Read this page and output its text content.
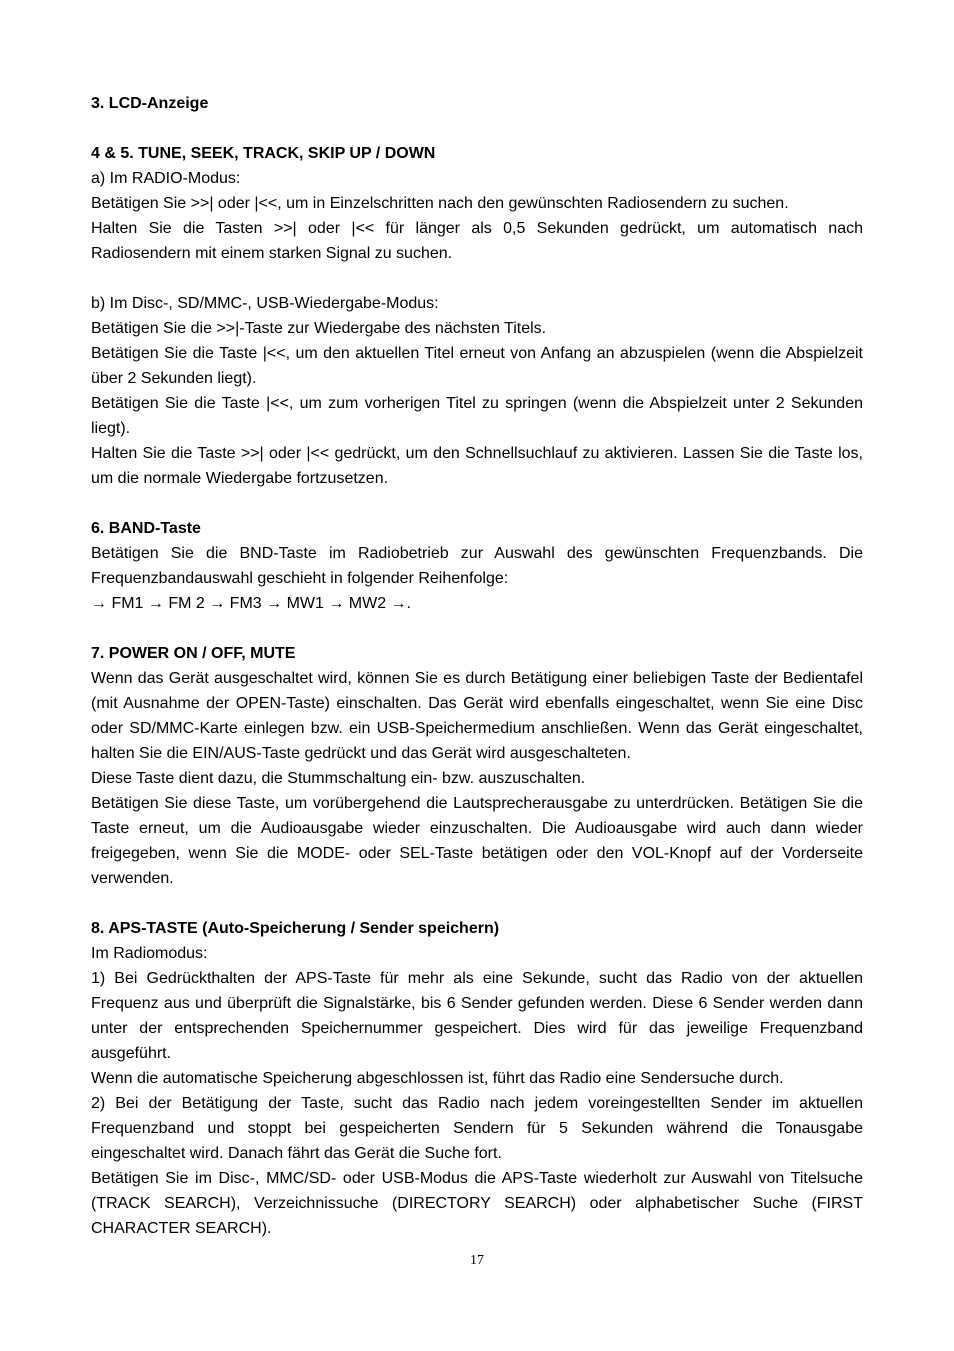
3. LCD-Anzeige

4 & 5. TUNE, SEEK, TRACK, SKIP UP / DOWN

a) Im RADIO-Modus:

Betätigen Sie >>| oder |<<, um in Einzelschritten nach den gewünschten Radiosendern zu suchen.

Halten Sie die Tasten >>| oder |<< für länger als 0,5 Sekunden gedrückt, um automatisch nach Radiosendern mit einem starken Signal zu suchen.

b) Im Disc-, SD/MMC-, USB-Wiedergabe-Modus:

Betätigen Sie die >>|-Taste zur Wiedergabe des nächsten Titels.

Betätigen Sie die Taste |<<, um den aktuellen Titel erneut von Anfang an abzuspielen (wenn die Abspielzeit über 2 Sekunden liegt).

Betätigen Sie die Taste |<<, um zum vorherigen Titel zu springen (wenn die Abspielzeit unter 2 Sekunden liegt).

Halten Sie die Taste >>| oder |<< gedrückt, um den Schnellsuchlauf zu aktivieren. Lassen Sie die Taste los, um die normale Wiedergabe fortzusetzen.

6. BAND-Taste

Betätigen Sie die BND-Taste im Radiobetrieb zur Auswahl des gewünschten Frequenzbands. Die Frequenzbandauswahl geschieht in folgender Reihenfolge:

→ FM1 → FM 2 → FM3 → MW1 → MW2 →.

7. POWER ON / OFF, MUTE

Wenn das Gerät ausgeschaltet wird, können Sie es durch Betätigung einer beliebigen Taste der Bedientafel (mit Ausnahme der OPEN-Taste) einschalten. Das Gerät wird ebenfalls eingeschaltet, wenn Sie eine Disc oder SD/MMC-Karte einlegen bzw. ein USB-Speichermedium anschließen. Wenn das Gerät eingeschaltet, halten Sie die EIN/AUS-Taste gedrückt und das Gerät wird ausgeschalteten.

Diese Taste dient dazu, die Stummschaltung ein- bzw. auszuschalten.

Betätigen Sie diese Taste, um vorübergehend die Lautsprecherausgabe zu unterdrücken. Betätigen Sie die Taste erneut, um die Audioausgabe wieder einzuschalten. Die Audioausgabe wird auch dann wieder freigegeben, wenn Sie die MODE- oder SEL-Taste betätigen oder den VOL-Knopf auf der Vorderseite verwenden.

8. APS-TASTE (Auto-Speicherung / Sender speichern)

Im Radiomodus:

1) Bei Gedrückthalten der APS-Taste für mehr als eine Sekunde, sucht das Radio von der aktuellen Frequenz aus und überprüft die Signalstärke, bis 6 Sender gefunden werden. Diese 6 Sender werden dann unter der entsprechenden Speichernummer gespeichert. Dies wird für das jeweilige Frequenzband ausgeführt.

Wenn die automatische Speicherung abgeschlossen ist, führt das Radio eine Sendersuche durch.

2) Bei der Betätigung der Taste, sucht das Radio nach jedem voreingestellten Sender im aktuellen Frequenzband und stoppt bei gespeicherten Sendern für 5 Sekunden während die Tonausgabe eingeschaltet wird. Danach fährt das Gerät die Suche fort.

Betätigen Sie im Disc-, MMC/SD- oder USB-Modus die APS-Taste wiederholt zur Auswahl von Titelsuche (TRACK SEARCH), Verzeichnissuche (DIRECTORY SEARCH) oder alphabetischer Suche (FIRST CHARACTER SEARCH).

17
